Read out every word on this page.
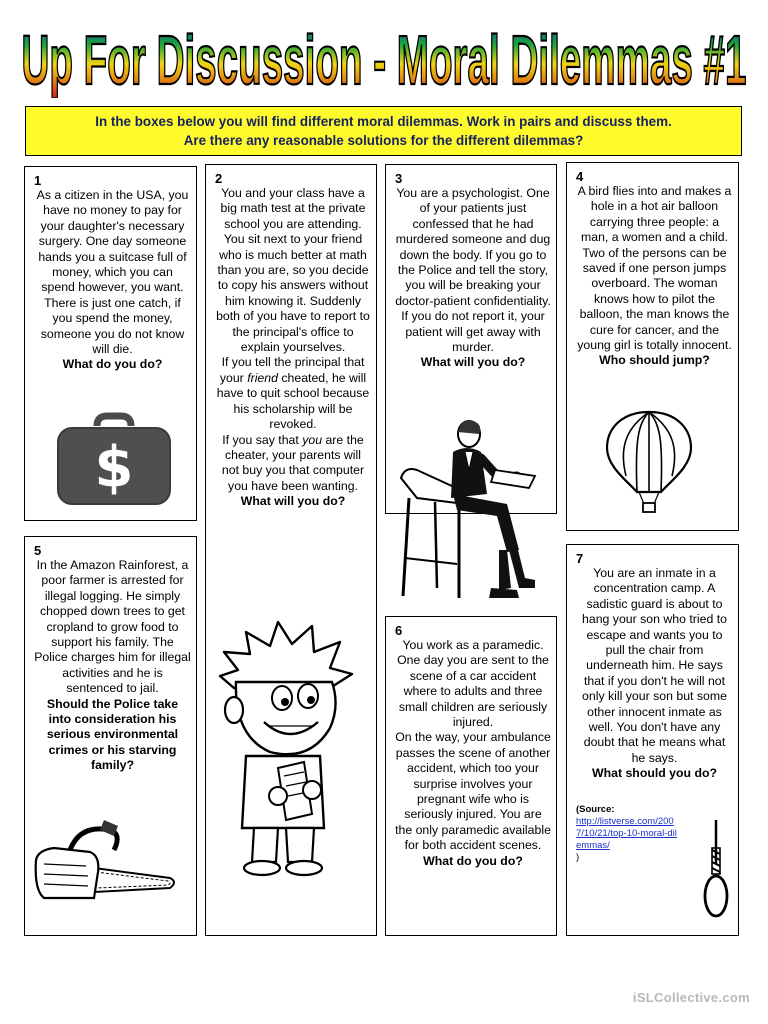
Up For Discussion - Moral Dilemmas #1
In the boxes below you will find different moral dilemmas. Work in pairs and discuss them.
Are there any reasonable solutions for the different dilemmas?
1
As a citizen in the USA, you have no money to pay for your daughter's necessary surgery. One day someone hands you a suitcase full of money, which you can spend however, you want. There is just one catch, if you spend the money, someone you do not know will die.
What do you do?
2
You and your class have a big math test at the private school you are attending. You sit next to your friend who is much better at math than you are, so you decide to copy his answers without him knowing it. Suddenly both of you have to report to the principal's office to explain yourselves.
If you tell the principal that your friend cheated, he will have to quit school because his scholarship will be revoked.
If you say that you are the cheater, your parents will not buy you that computer you have been wanting.
What will you do?
3
You are a psychologist. One of your patients just confessed that he had murdered someone and dug down the body. If you go to the Police and tell the story, you will be breaking your doctor-patient confidentiality. If you do not report it, your patient will get away with murder.
What will you do?
4
A bird flies into and makes a hole in a hot air balloon carrying three people: a man, a women and a child. Two of the persons can be saved if one person jumps overboard. The woman knows how to pilot the balloon, the man knows the cure for cancer, and the young girl is totally innocent.
Who should jump?
5
In the Amazon Rainforest, a poor farmer is arrested for illegal logging. He simply chopped down trees to get cropland to grow food to support his family. The Police charges him for illegal activities and he is sentenced to jail.
Should the Police take into consideration his serious environmental crimes or his starving family?
6
You work as a paramedic. One day you are sent to the scene of a car accident where to adults and three small children are seriously injured.
On the way, your ambulance passes the scene of another accident, which too your surprise involves your pregnant wife who is seriously injured. You are the only paramedic available for both accident scenes.
What do you do?
7
You are an inmate in a concentration camp. A sadistic guard is about to hang your son who tried to escape and wants you to pull the chair from underneath him. He says that if you don't he will not only kill your son but some other innocent inmate as well. You don't have any doubt that he means what he says.
What should you do?
(Source:
http://listverse.com/2007/10/21/top-10-moral-dilemmas/
)
$
iSLCollective.com
